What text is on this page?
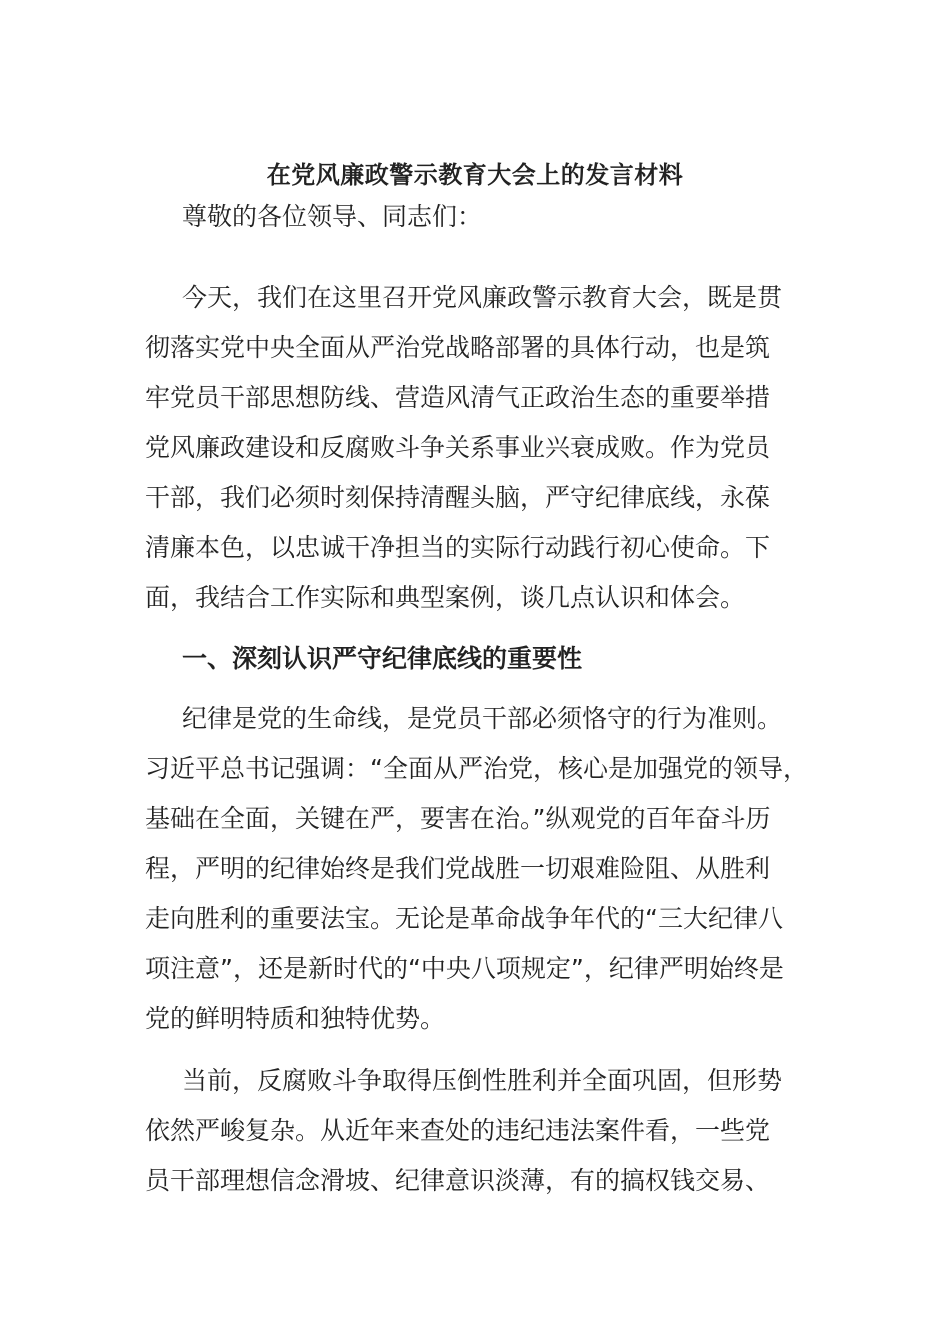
在党风廉政警示教育大会上的发言材料
尊敬的各位领导、同志们：
今天，我们在这里召开党风廉政警示教育大会，既是贯
彻落实党中央全面从严治党战略部署的具体行动，也是筑
牢党员干部思想防线、营造风清气正政治生态的重要举措
党风廉政建设和反腐败斗争关系事业兴衰成败。作为党员
干部，我们必须时刻保持清醒头脑，严守纪律底线，永葆
清廉本色，以忠诚干净担当的实际行动践行初心使命。下
面，我结合工作实际和典型案例，谈几点认识和体会。
一、深刻认识严守纪律底线的重要性
纪律是党的生命线，是党员干部必须恪守的行为准则。
习近平总书记强调：“全面从严治党，核心是加强党的领导，
基础在全面，关键在严，要害在治。”纵观党的百年奋斗历
程，严明的纪律始终是我们党战胜一切艰难险阻、从胜利
走向胜利的重要法宝。无论是革命战争年代的“三大纪律八
项注意”，还是新时代的“中央八项规定”，纪律严明始终是
党的鲜明特质和独特优势。
当前，反腐败斗争取得压倒性胜利并全面巩固，但形势
依然严峻复杂。从近年来查处的违纪违法案件看，一些党
员干部理想信念滑坡、纪律意识淡薄，有的搞权钱交易、
